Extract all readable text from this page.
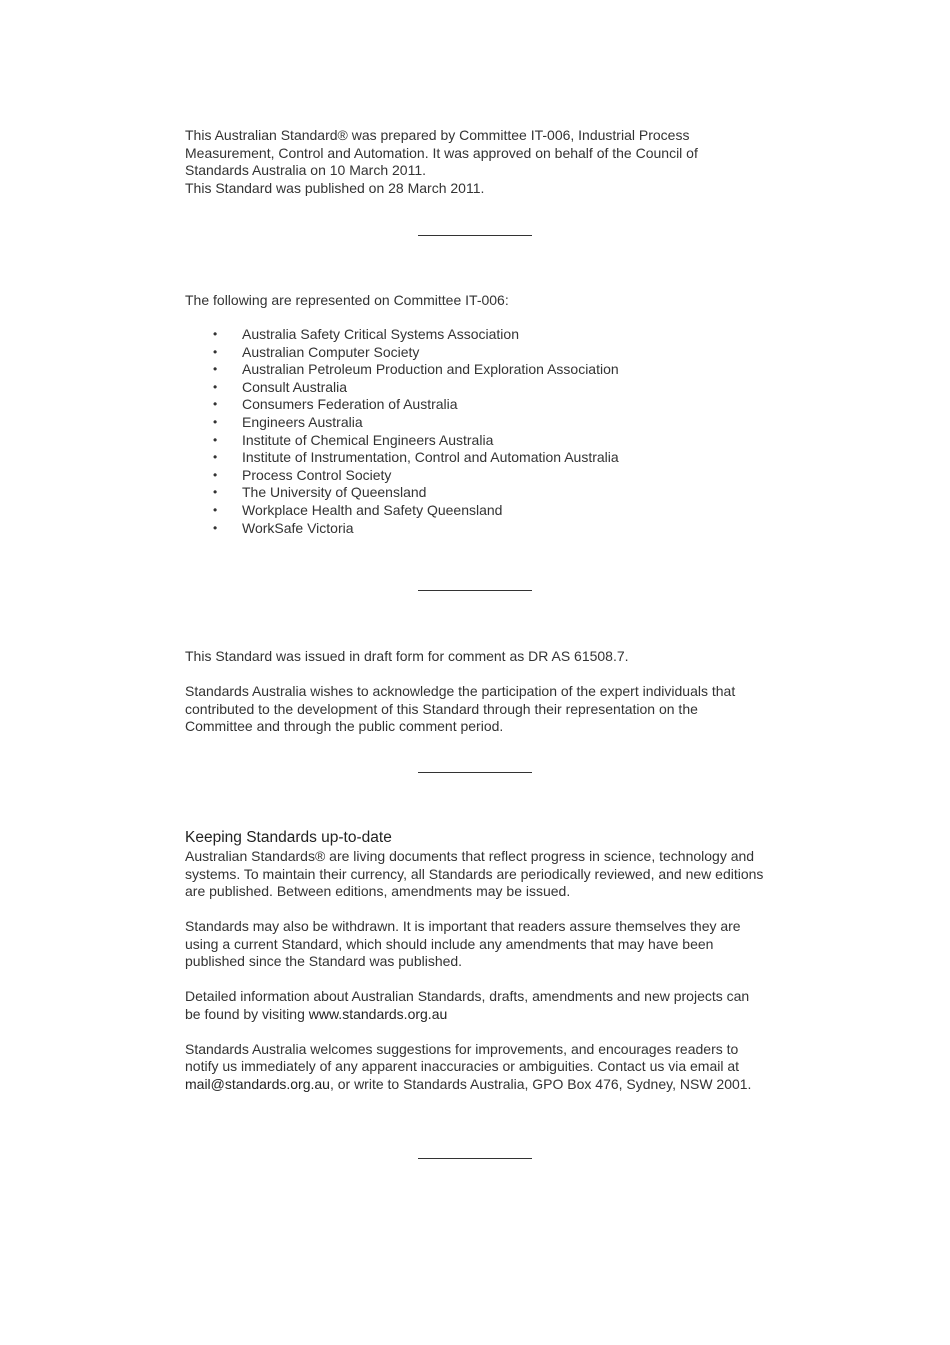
This Australian Standard® was prepared by Committee IT-006, Industrial Process
Measurement, Control and Automation. It was approved on behalf of the Council of
Standards Australia on 10 March 2011.
This Standard was published on 28 March 2011.
The following are represented on Committee IT-006:
• Australia Safety Critical Systems Association
• Australian Computer Society
• Australian Petroleum Production and Exploration Association
• Consult Australia
• Consumers Federation of Australia
• Engineers Australia
• Institute of Chemical Engineers Australia
• Institute of Instrumentation, Control and Automation Australia
• Process Control Society
• The University of Queensland
• Workplace Health and Safety Queensland
• WorkSafe Victoria

This Standard was issued in draft form for comment as DR AS 61508.7.

Standards Australia wishes to acknowledge the participation of the expert individuals that
contributed to the development of this Standard through their representation on the
Committee and through the public comment period.

Keeping Standards up-to-date

Australian Standards® are living documents that reflect progress in science, technology and
systems. To maintain their currency, all Standards are periodically reviewed, and new editions
are published. Between editions, amendments may be issued.

Standards may also be withdrawn. It is important that readers assure themselves they are
using a current Standard, which should include any amendments that may have been
published since the Standard was published.

Detailed information about Australian Standards, drafts, amendments and new projects can
be found by visiting www.standards.org.au

Standards Australia welcomes suggestions for improvements, and encourages readers to
notify us immediately of any apparent inaccuracies or ambiguities. Contact us via email at
mail@standards.org.au, or write to Standards Australia, GPO Box 476, Sydney, NSW 2001.
